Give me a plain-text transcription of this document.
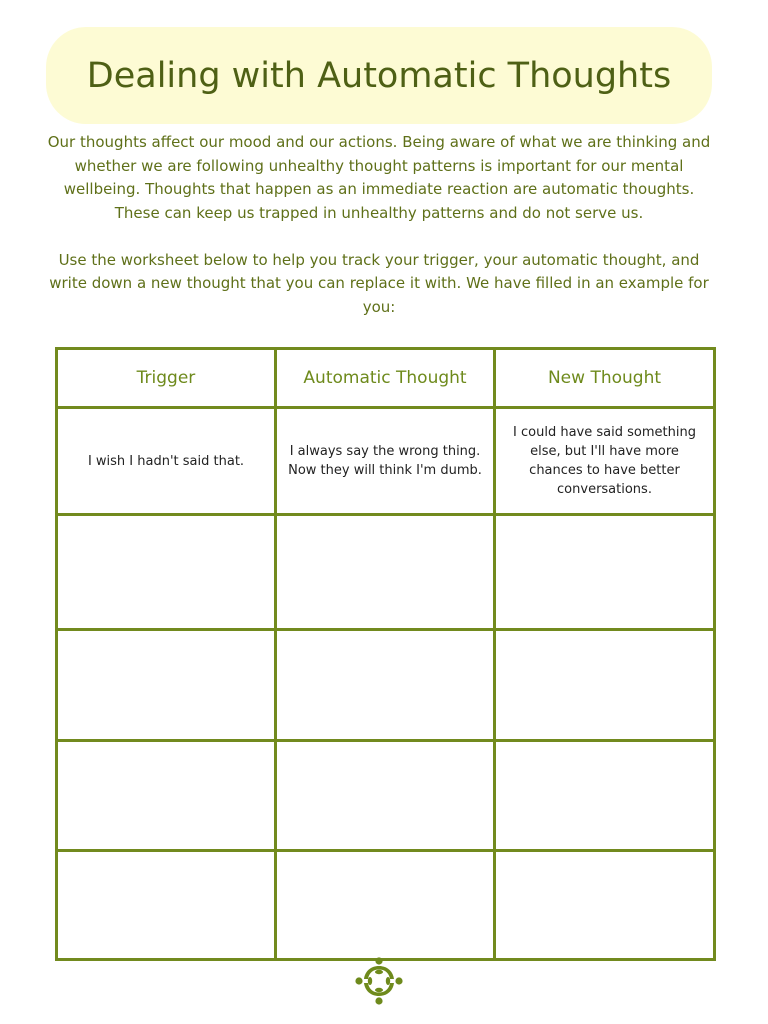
Dealing with Automatic Thoughts

Our thoughts affect our mood and our actions. Being aware of what we are thinking and whether we are following unhealthy thought patterns is important for our mental wellbeing. Thoughts that happen as an immediate reaction are automatic thoughts. These can keep us trapped in unhealthy patterns and do not serve us.

Use the worksheet below to help you track your trigger, your automatic thought, and write down a new thought that you can replace it with. We have filled in an example for you:

Trigger	Automatic Thought	New Thought
I wish I hadn't said that.	I always say the wrong thing. Now they will think I'm dumb.	I could have said something else, but I'll have more chances to have better conversations.
